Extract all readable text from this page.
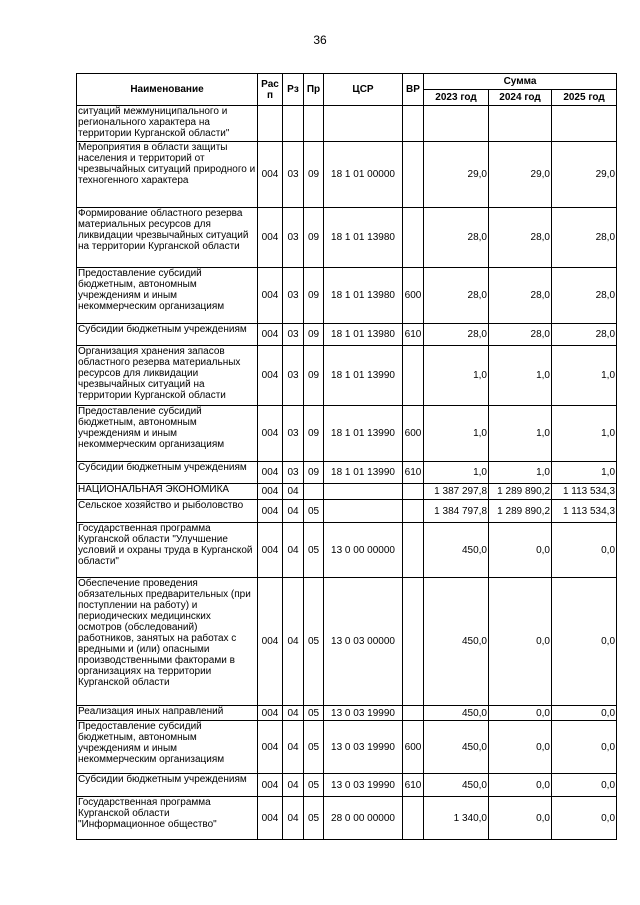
36
Наименование	Рас п	Рз	Пр	ЦСР	ВР	Сумма		
						2023 год	2024 год	2025 год
ситуаций межмуниципального и регионального характера на территории Курганской области"								
Мероприятия в области защиты населения и территорий от чрезвычайных ситуаций природного и техногенного характера	004	03	09	18 1 01 00000		29,0	29,0	29,0
Формирование областного резерва материальных ресурсов для ликвидации чрезвычайных ситуаций на территории Курганской области	004	03	09	18 1 01 13980		28,0	28,0	28,0
Предоставление субсидий бюджетным, автономным учреждениям и иным некоммерческим организациям	004	03	09	18 1 01 13980	600	28,0	28,0	28,0
Субсидии бюджетным учреждениям	004	03	09	18 1 01 13980	610	28,0	28,0	28,0
Организация хранения запасов областного резерва материальных ресурсов для ликвидации чрезвычайных ситуаций на территории Курганской области	004	03	09	18 1 01 13990		1,0	1,0	1,0
Предоставление субсидий бюджетным, автономным учреждениям и иным некоммерческим организациям	004	03	09	18 1 01 13990	600	1,0	1,0	1,0
Субсидии бюджетным учреждениям	004	03	09	18 1 01 13990	610	1,0	1,0	1,0
НАЦИОНАЛЬНАЯ ЭКОНОМИКА	004	04				1 387 297,8	1 289 890,2	1 113 534,3
Сельское хозяйство и рыболовство	004	04	05			1 384 797,8	1 289 890,2	1 113 534,3
Государственная программа Курганской области "Улучшение условий и охраны труда в Курганской области"	004	04	05	13 0 00 00000		450,0	0,0	0,0
Обеспечение проведения обязательных предварительных (при поступлении на работу) и периодических медицинских осмотров (обследований) работников, занятых на работах с вредными и (или) опасными производственными факторами в организациях на территории Курганской области	004	04	05	13 0 03 00000		450,0	0,0	0,0
Реализация иных направлений	004	04	05	13 0 03 19990		450,0	0,0	0,0
Предоставление субсидий бюджетным, автономным учреждениям и иным некоммерческим организациям	004	04	05	13 0 03 19990	600	450,0	0,0	0,0
Субсидии бюджетным учреждениям	004	04	05	13 0 03 19990	610	450,0	0,0	0,0
Государственная программа Курганской области "Информационное общество"	004	04	05	28 0 00 00000		1 340,0	0,0	0,0
